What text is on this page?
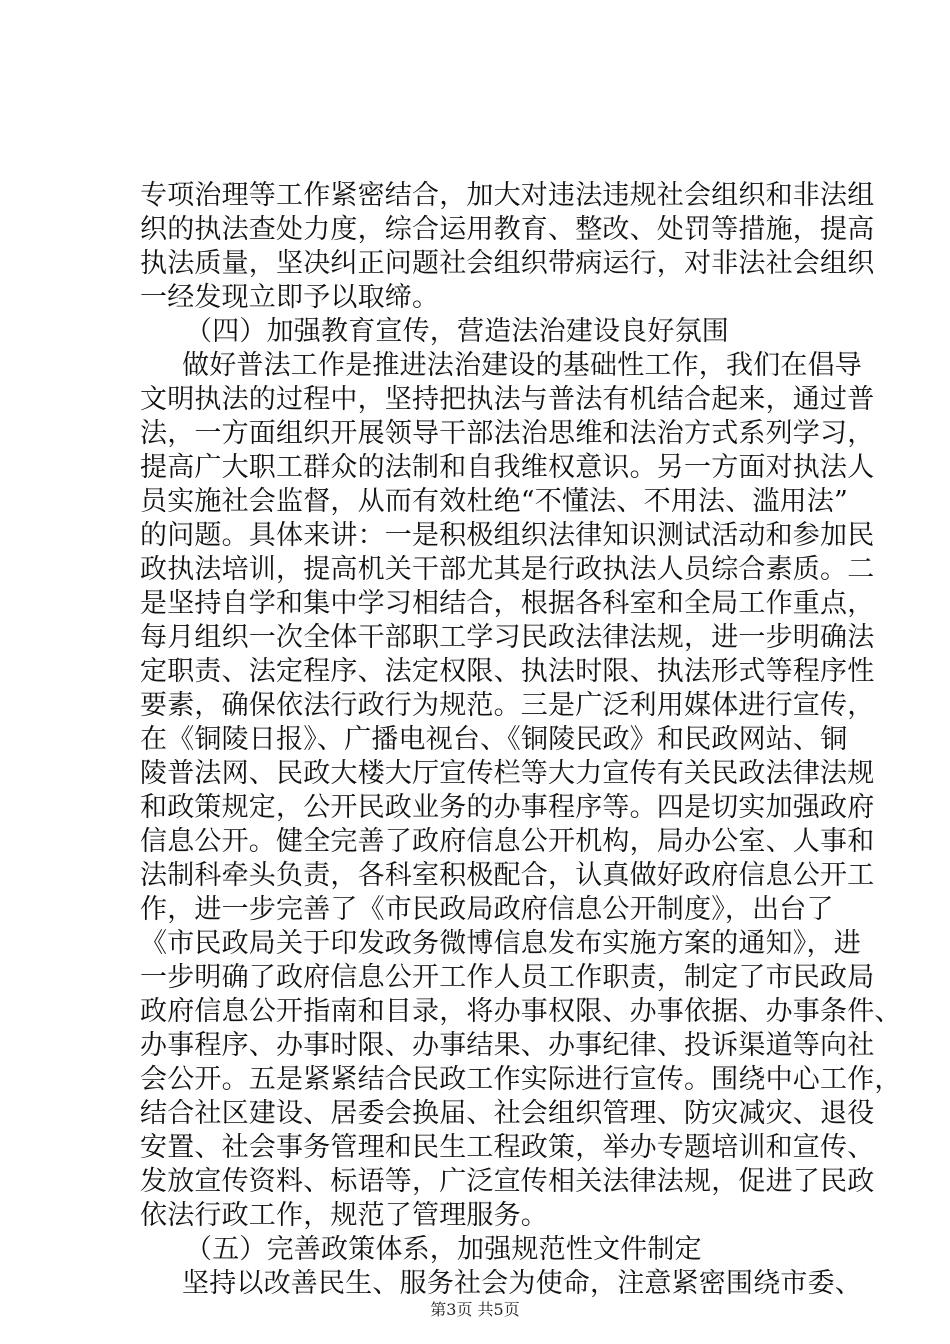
专项治理等工作紧密结合，加大对违法违规社会组织和非法组

织的执法查处力度，综合运用教育、整改、处罚等措施，提高

执法质量，坚决纠正问题社会组织带病运行，对非法社会组织

一经发现立即予以取缔。

（四）加强教育宣传，营造法治建设良好氛围

做好普法工作是推进法治建设的基础性工作，我们在倡导

文明执法的过程中，坚持把执法与普法有机结合起来，通过普

法，一方面组织开展领导干部法治思维和法治方式系列学习，

提高广大职工群众的法制和自我维权意识。另一方面对执法人

员实施社会监督，从而有效杜绝“不懂法、不用法、滥用法”

的问题。具体来讲：一是积极组织法律知识测试活动和参加民

政执法培训，提高机关干部尤其是行政执法人员综合素质。二

是坚持自学和集中学习相结合，根据各科室和全局工作重点，

每月组织一次全体干部职工学习民政法律法规，进一步明确法

定职责、法定程序、法定权限、执法时限、执法形式等程序性

要素，确保依法行政行为规范。三是广泛利用媒体进行宣传，

在《铜陵日报》、广播电视台、《铜陵民政》和民政网站、铜

陵普法网、民政大楼大厅宣传栏等大力宣传有关民政法律法规

和政策规定，公开民政业务的办事程序等。四是切实加强政府

信息公开。健全完善了政府信息公开机构，局办公室、人事和

法制科牵头负责，各科室积极配合，认真做好政府信息公开工

作，进一步完善了《市民政局政府信息公开制度》，出台了

《市民政局关于印发政务微博信息发布实施方案的通知》，进

一步明确了政府信息公开工作人员工作职责，制定了市民政局

政府信息公开指南和目录，将办事权限、办事依据、办事条件、

办事程序、办事时限、办事结果、办事纪律、投诉渠道等向社

会公开。五是紧紧结合民政工作实际进行宣传。围绕中心工作，

结合社区建设、居委会换届、社会组织管理、防灾减灾、退役

安置、社会事务管理和民生工程政策，举办专题培训和宣传、

发放宣传资料、标语等，广泛宣传相关法律法规，促进了民政

依法行政工作，规范了管理服务。

（五）完善政策体系，加强规范性文件制定

坚持以改善民生、服务社会为使命，注意紧密围绕市委、

第3页 共5页
